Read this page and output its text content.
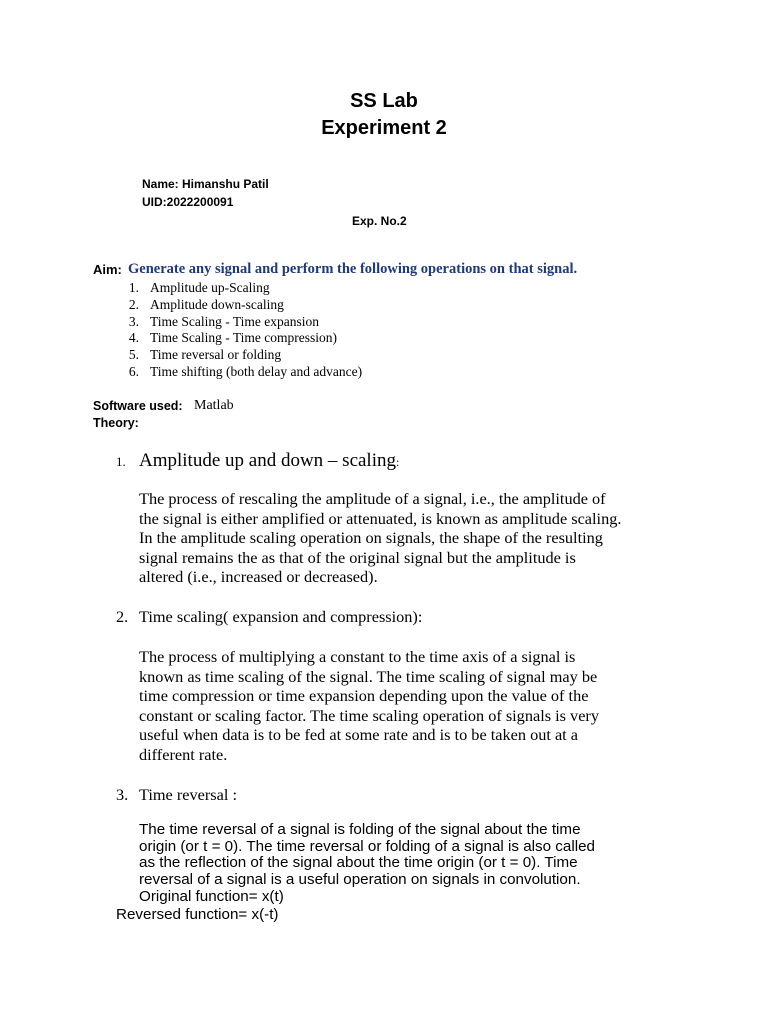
SS Lab
Experiment 2
Name: Himanshu Patil
UID:2022200091
Exp. No.2
Aim: Generate any signal and perform the following operations on that signal.
1. Amplitude up-Scaling
2. Amplitude down-scaling
3. Time Scaling - Time expansion
4. Time Scaling - Time compression)
5. Time reversal or folding
6. Time shifting (both delay and advance)
Software used: Matlab
Theory:
1. Amplitude up and down – scaling:
The process of rescaling the amplitude of a signal, i.e., the amplitude of
the signal is either amplified or attenuated, is known as amplitude scaling.
In the amplitude scaling operation on signals, the shape of the resulting
signal remains the as that of the original signal but the amplitude is
altered (i.e., increased or decreased).
2. Time scaling( expansion and compression):
The process of multiplying a constant to the time axis of a signal is
known as time scaling of the signal. The time scaling of signal may be
time compression or time expansion depending upon the value of the
constant or scaling factor. The time scaling operation of signals is very
useful when data is to be fed at some rate and is to be taken out at a
different rate.
3. Time reversal :
The time reversal of a signal is folding of the signal about the time
origin (or t = 0). The time reversal or folding of a signal is also called
as the reflection of the signal about the time origin (or t = 0). Time
reversal of a signal is a useful operation on signals in convolution.
Original function= x(t)
Reversed function= x(-t)
